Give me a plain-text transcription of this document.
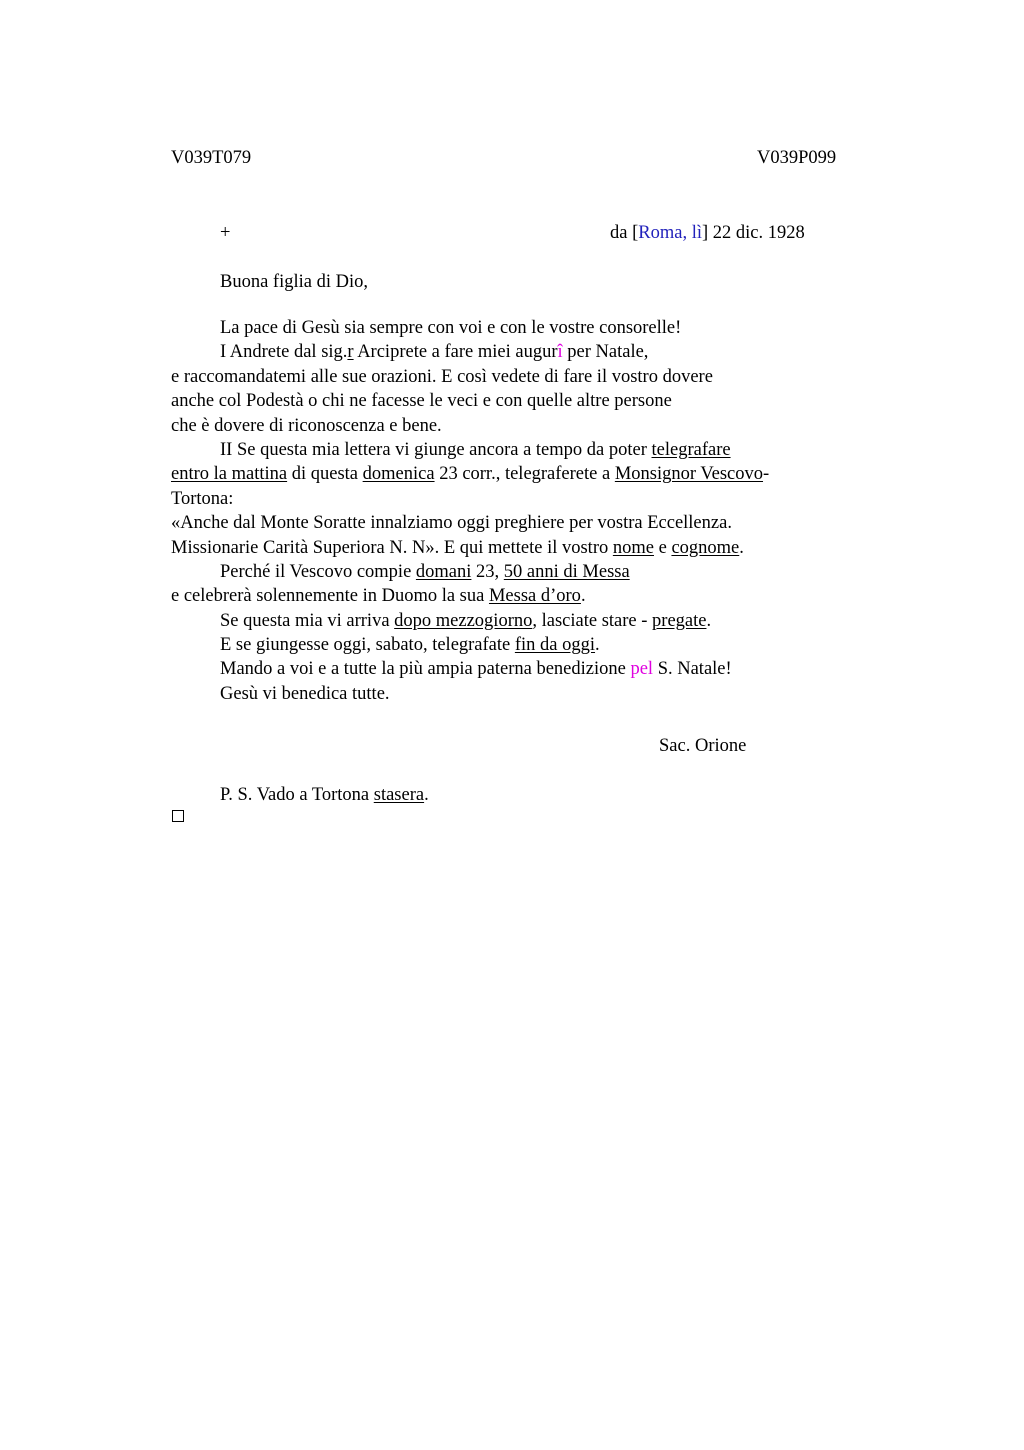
V039T079	V039P099
+	da [Roma, lì] 22 dic. 1928
Buona figlia di Dio,
La pace di Gesù sia sempre con voi e con le vostre consorelle!
I Andrete dal sig.r Arciprete a fare miei augurî per Natale,
e raccomandatemi alle sue orazioni. E così vedete di fare il vostro dovere
anche col Podestà o chi ne facesse le veci e con quelle altre persone
che è dovere di riconoscenza e bene.
II Se questa mia lettera vi giunge ancora a tempo da poter telegrafare
entro la mattina di questa domenica 23 corr., telegraferete a Monsignor Vescovo-
Tortona:
«Anche dal Monte Soratte innalziamo oggi preghiere per vostra Eccellenza.
Missionarie Carità Superiora N. N». E qui mettete il vostro nome e cognome.
Perché il Vescovo compie domani 23, 50 anni di Messa
e celebrerà solennemente in Duomo la sua Messa d’oro.
Se questa mia vi arriva dopo mezzogiorno, lasciate stare - pregate.
E se giungesse oggi, sabato, telegrafate fin da oggi.
Mando a voi e a tutte la più ampia paterna benedizione pel S. Natale!
Gesù vi benedica tutte.
Sac. Orione
P. S. Vado a Tortona stasera.
